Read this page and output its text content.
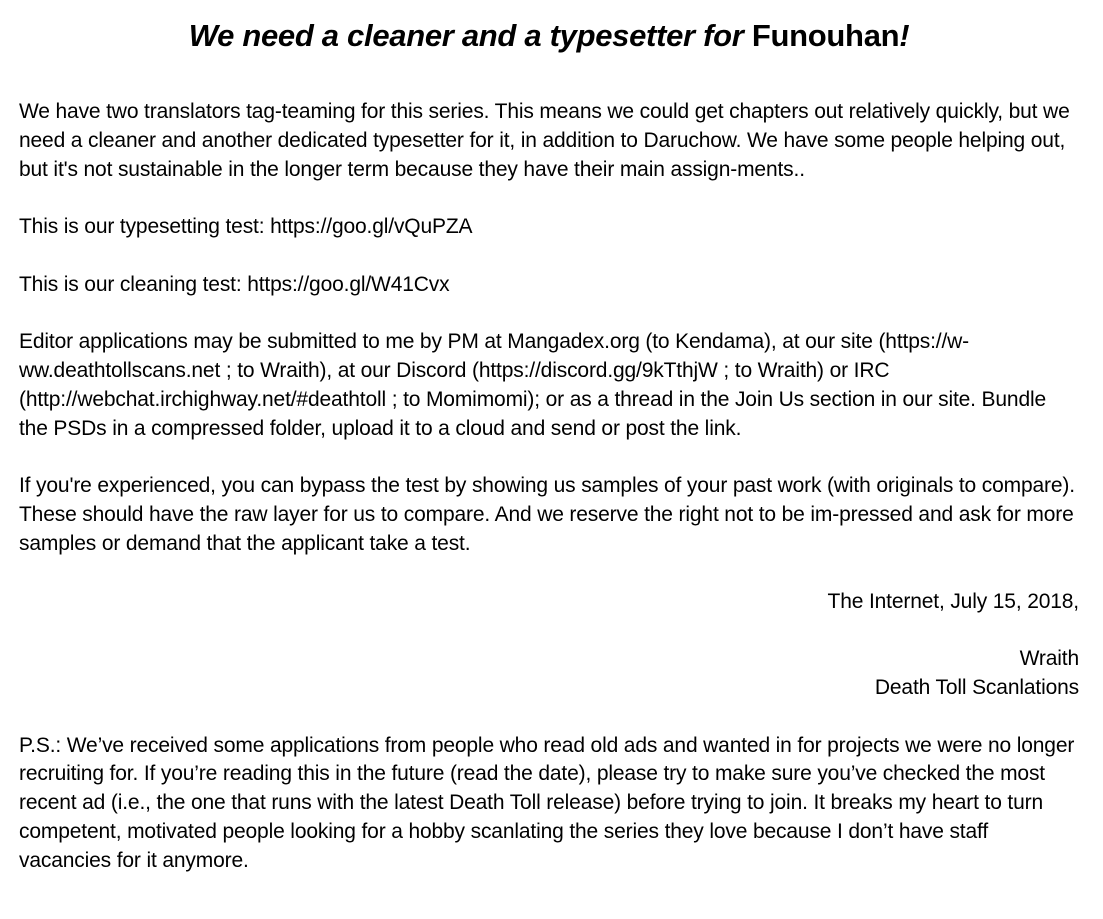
We need a cleaner and a typesetter for Funouhan!

We have two translators tag-teaming for this series. This means we could get chapters out relatively quickly, but we need a cleaner and another dedicated typesetter for it, in addition to Daruchow. We have some people helping out, but it's not sustainable in the longer term because they have their main assign-ments..

This is our typesetting test: https://goo.gl/vQuPZA

This is our cleaning test: https://goo.gl/W41Cvx

Editor applications may be submitted to me by PM at Mangadex.org (to Kendama), at our site (https://w-ww.deathtollscans.net ; to Wraith), at our Discord (https://discord.gg/9kTthjW ; to Wraith) or IRC (http://webchat.irchighway.net/#deathtoll ; to Momimomi); or as a thread in the Join Us section in our site. Bundle the PSDs in a compressed folder, upload it to a cloud and send or post the link.

If you're experienced, you can bypass the test by showing us samples of your past work (with originals to compare). These should have the raw layer for us to compare. And we reserve the right not to be im-pressed and ask for more samples or demand that the applicant take a test.

The Internet, July 15, 2018,

Wraith

Death Toll Scanlations

P.S.: We’ve received some applications from people who read old ads and wanted in for projects we were no longer recruiting for. If you’re reading this in the future (read the date), please try to make sure you’ve checked the most recent ad (i.e., the one that runs with the latest Death Toll release) before trying to join. It breaks my heart to turn competent, motivated people looking for a hobby scanlating the series they love because I don’t have staff vacancies for it anymore.
